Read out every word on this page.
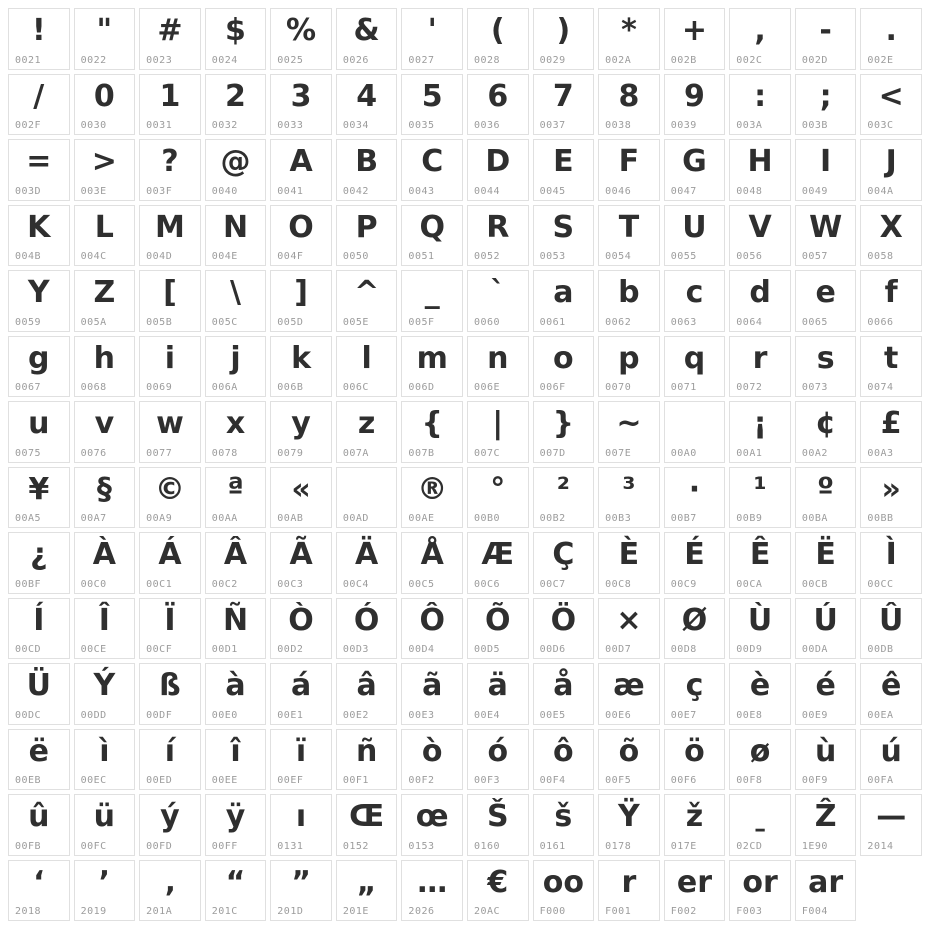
!
0021
"
0022
#
0023
$
0024
%
0025
&
0026
'
0027
(
0028
)
0029
*
002A
+
002B
,
002C
-
002D
.
002E
/
002F
0
0030
1
0031
2
0032
3
0033
4
0034
5
0035
6
0036
7
0037
8
0038
9
0039
:
003A
;
003B
<
003C
=
003D
>
003E
?
003F
@
0040
A
0041
B
0042
C
0043
D
0044
E
0045
F
0046
G
0047
H
0048
I
0049
J
004A
K
004B
L
004C
M
004D
N
004E
O
004F
P
0050
Q
0051
R
0052
S
0053
T
0054
U
0055
V
0056
W
0057
X
0058
Y
0059
Z
005A
[
005B
\
005C
]
005D
^
005E
_
005F
`
0060
a
0061
b
0062
c
0063
d
0064
e
0065
f
0066
g
0067
h
0068
i
0069
j
006A
k
006B
l
006C
m
006D
n
006E
o
006F
p
0070
q
0071
r
0072
s
0073
t
0074
u
0075
v
0076
w
0077
x
0078
y
0079
z
007A
{
007B
|
007C
}
007D
~
007E	00A0
¡
00A1
¢
00A2
£
00A3
¥
00A5
§
00A7
©
00A9
ª
00AA
«
00AB	00AD
®
00AE
°
00B0
²
00B2
³
00B3
·
00B7
¹
00B9
º
00BA
»
00BB
¿
00BF
À
00C0
Á
00C1
Â
00C2
Ã
00C3
Ä
00C4
Å
00C5
Æ
00C6
Ç
00C7
È
00C8
É
00C9
Ê
00CA
Ë
00CB
Ì
00CC
Í
00CD
Î
00CE
Ï
00CF
Ñ
00D1
Ò
00D2
Ó
00D3
Ô
00D4
Õ
00D5
Ö
00D6
×
00D7
Ø
00D8
Ù
00D9
Ú
00DA
Û
00DB
Ü
00DC
Ý
00DD
ß
00DF
à
00E0
á
00E1
â
00E2
ã
00E3
ä
00E4
å
00E5
æ
00E6
ç
00E7
è
00E8
é
00E9
ê
00EA
ë
00EB
ì
00EC
í
00ED
î
00EE
ï
00EF
ñ
00F1
ò
00F2
ó
00F3
ô
00F4
õ
00F5
ö
00F6
ø
00F8
ù
00F9
ú
00FA
û
00FB
ü
00FC
ý
00FD
ÿ
00FF
ı
0131
Œ
0152
œ
0153
Š
0160
š
0161
Ÿ
0178
ž
017E
ˍ
02CD
Ẑ
1E90
—
2014
‘
2018
’
2019
‚
201A
“
201C
”
201D
„
201E
…
2026
€
20AC
oo
F000
r
F001
er
F002
or
F003
ar
F004
